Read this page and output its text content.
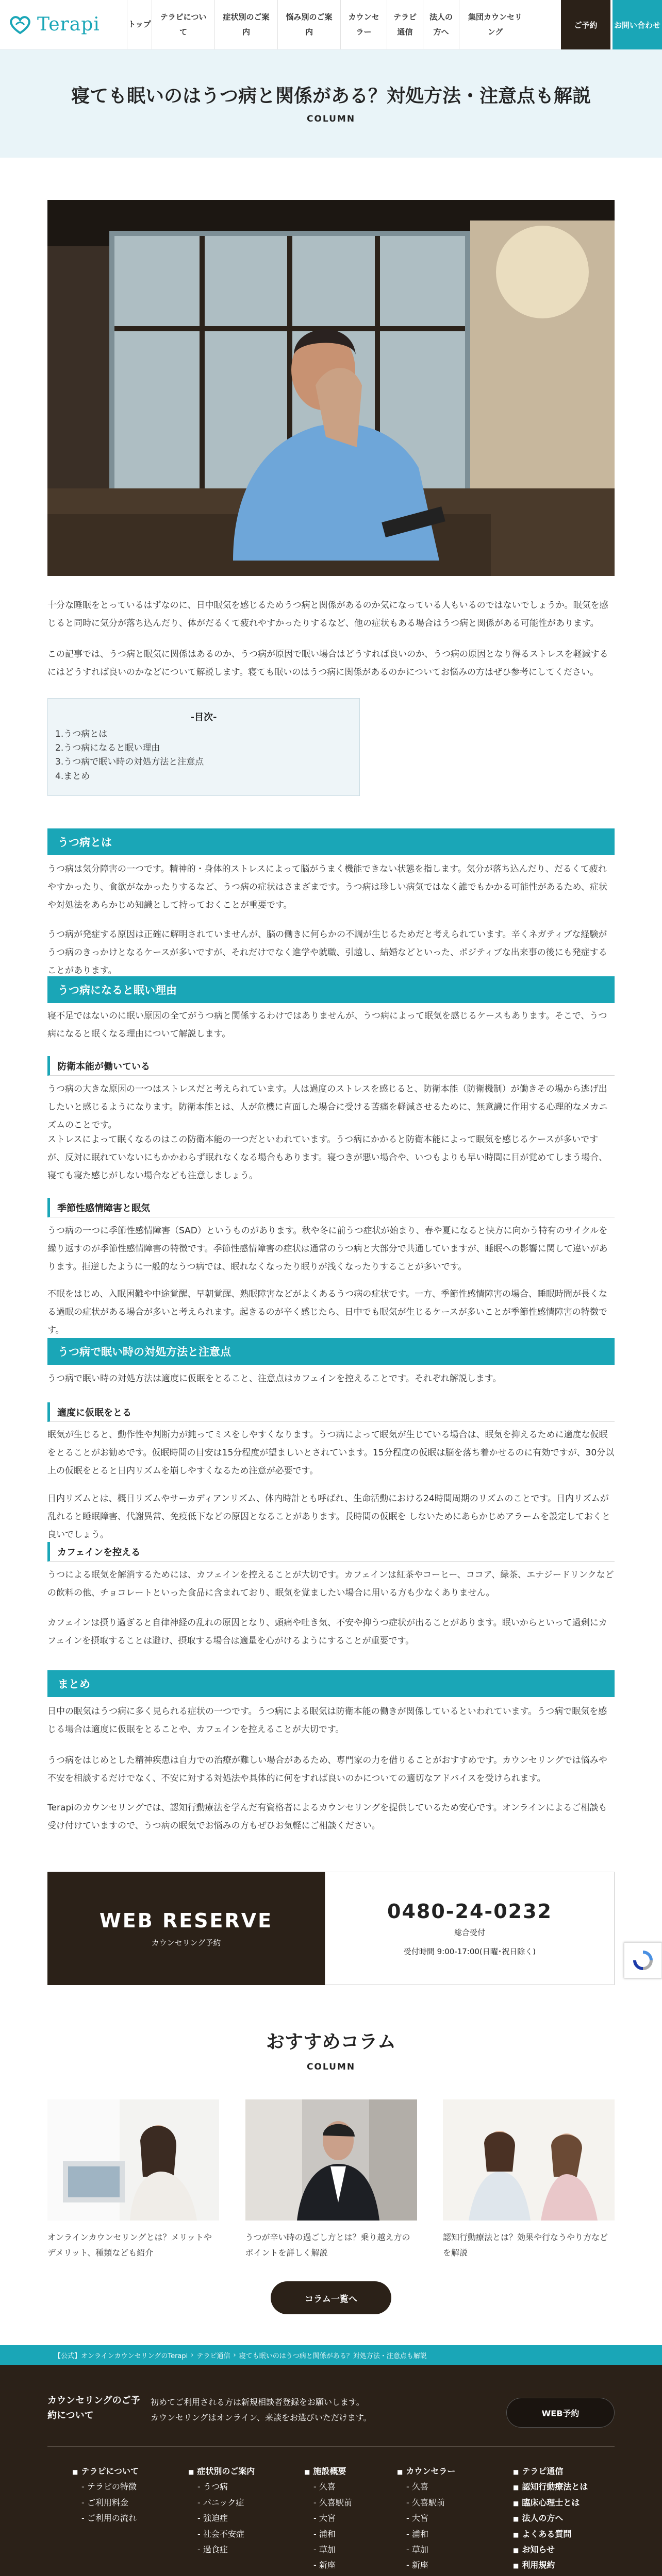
Terapi	トップ
テラピについて
症状別のご案内
悩み別のご案内
カウンセラー
テラピ通信
法人の方へ
集団カウンセリング
ご予約	お問い合わせ
寝ても眠いのはうつ病と関係がある？対処方法・注意点も解説
COLUMN
十分な睡眠をとっているはずなのに、日中眠気を感じるためうつ病と関係があるのか気になっている人もいるのではないでしょうか。眠気を感じると同時に気分が落ち込んだり、体がだるくて疲れやすかったりするなど、他の症状もある場合はうつ病と関係がある可能性があります。
この記事では、うつ病と眠気に関係はあるのか、うつ病が原因で眠い場合はどうすれば良いのか、うつ病の原因となり得るストレスを軽減するにはどうすれば良いのかなどについて解説します。寝ても眠いのはうつ病に関係があるのかについてお悩みの方はぜひ参考にしてください。
-目次-
1.うつ病とは
2.うつ病になると眠い理由
3.うつ病で眠い時の対処方法と注意点
4.まとめ
うつ病とは
うつ病は気分障害の一つです。精神的・身体的ストレスによって脳がうまく機能できない状態を指します。気分が落ち込んだり、だるくて疲れやすかったり、食欲がなかったりするなど、うつ病の症状はさまざまです。うつ病は珍しい病気ではなく誰でもかかる可能性があるため、症状や対処法をあらかじめ知識として持っておくことが重要です。
うつ病が発症する原因は正確に解明されていませんが、脳の働きに何らかの不調が生じるためだと考えられています。辛くネガティブな経験がうつ病のきっかけとなるケースが多いですが、それだけでなく進学や就職、引越し、結婚などといった、ポジティブな出来事の後にも発症することがあります。
うつ病になると眠い理由
寝不足ではないのに眠い原因の全てがうつ病と関係するわけではありませんが、うつ病によって眠気を感じるケースもあります。そこで、うつ病になると眠くなる理由について解説します。
防衛本能が働いている
うつ病の大きな原因の一つはストレスだと考えられています。人は過度のストレスを感じると、防衛本能（防衛機制）が働きその場から逃げ出したいと感じるようになります。防衛本能とは、人が危機に直面した場合に受ける苦痛を軽減させるために、無意識に作用する心理的なメカニズムのことです。
ストレスによって眠くなるのはこの防衛本能の一つだといわれています。うつ病にかかると防衛本能によって眠気を感じるケースが多いですが、反対に眠れていないにもかかわらず眠れなくなる場合もあります。寝つきが悪い場合や、いつもよりも早い時間に目が覚めてしまう場合、寝ても寝た感じがしない場合なども注意しましょう。
季節性感情障害と眠気
うつ病の一つに季節性感情障害（SAD）というものがあります。秋や冬に前うつ症状が始まり、春や夏になると快方に向かう特有のサイクルを繰り返すのが季節性感情障害の特徴です。季節性感情障害の症状は通常のうつ病と大部分で共通していますが、睡眠への影響に関して違いがあります。拒逆したように一般的なうつ病では、眠れなくなったり眠りが浅くなったりすることが多いです。
不眠をはじめ、入眠困難や中途覚醒、早朝覚醒、熟眠障害などがよくあるうつ病の症状です。一方、季節性感情障害の場合、睡眠時間が長くなる過眠の症状がある場合が多いと考えられます。起きるのが辛く感じたら、日中でも眠気が生じるケースが多いことが季節性感情障害の特徴です。
うつ病で眠い時の対処方法と注意点
うつ病で眠い時の対処方法は適度に仮眠をとること、注意点はカフェインを控えることです。それぞれ解説します。
適度に仮眠をとる
眠気が生じると、動作性や判断力が鈍ってミスをしやすくなります。うつ病によって眠気が生じている場合は、眠気を抑えるために適度な仮眠をとることがお勧めです。仮眠時間の目安は15分程度が望ましいとされています。15分程度の仮眠は脳を落ち着かせるのに有効ですが、30分以上の仮眠をとると日内リズムを崩しやすくなるため注意が必要です。
日内リズムとは、概日リズムやサーカディアンリズム、体内時計とも呼ばれ、生命活動における24時間周期のリズムのことです。日内リズムが乱れると睡眠障害、代謝異常、免疫低下などの原因となることがあります。長時間の仮眠を しないためにあらかじめアラームを設定しておくと良いでしょう。
カフェインを控える
うつによる眠気を解消するためには、カフェインを控えることが大切です。カフェインは紅茶やコーヒー、ココア、緑茶、エナジードリンクなどの飲料の他、チョコレートといった食品に含まれており、眠気を覚ましたい場合に用いる方も少なくありません。
カフェインは摂り過ぎると自律神経の乱れの原因となり、頭痛や吐き気、不安や抑うつ症状が出ることがあります。眠いからといって過剰にカフェインを摂取することは避け、摂取する場合は適量を心がけるようにすることが重要です。
まとめ
日中の眠気はうつ病に多く見られる症状の一つです。うつ病による眠気は防衛本能の働きが関係しているといわれています。うつ病で眠気を感じる場合は適度に仮眠をとることや、カフェインを控えることが大切です。
うつ病をはじめとした精神疾患は自力での治療が難しい場合があるため、専門家の力を借りることがおすすめです。カウンセリングでは悩みや不安を相談するだけでなく、不安に対する対処法や具体的に何をすれば良いのかについての適切なアドバイスを受けられます。
Terapiのカウンセリングでは、認知行動療法を学んだ有資格者によるカウンセリングを提供しているため安心です。オンラインによるご相談も受け付けていますので、うつ病の眠気でお悩みの方もぜひお気軽にご相談ください。
WEB RESERVE
カウンセリング予約
0480-24-0232
総合受付
受付時間 9:00-17:00(日曜･祝日除く)
おすすめコラム
COLUMN
オンラインカウンセリングとは？メリットやデメリット、種類なども紹介
うつが辛い時の過ごし方とは？乗り越え方のポイントを詳しく解説
認知行動療法とは？効果や行なうやり方などを解説
コラム一覧へ
【公式】オンラインカウンセリングのTerapi › テラピ通信 › 寝ても眠いのはうつ病と関係がある？対処方法・注意点も解説
カウンセリングのご予約について
初めてご利用される方は新規相談者登録をお願いします。
カウンセリングはオンライン、来談をお選びいただけます。	WEB予約
■ テラピについて
- テラピの特徴
- ご利用料金
- ご利用の流れ
■ 症状別のご案内
- うつ病
- パニック症
- 強迫症
- 社会不安症
- 過食症
■ 施設概要
- 久喜
- 久喜駅前
- 大宮
- 浦和
- 草加
- 新座
■ カウンセラー
- 久喜
- 久喜駅前
- 大宮
- 浦和
- 草加
- 新座
-
■ テラピ通信
■ 認知行動療法とは
■ 臨床心理士とは
■ 法人の方へ
■ よくある質問
■ お知らせ
■ 利用規約
■
